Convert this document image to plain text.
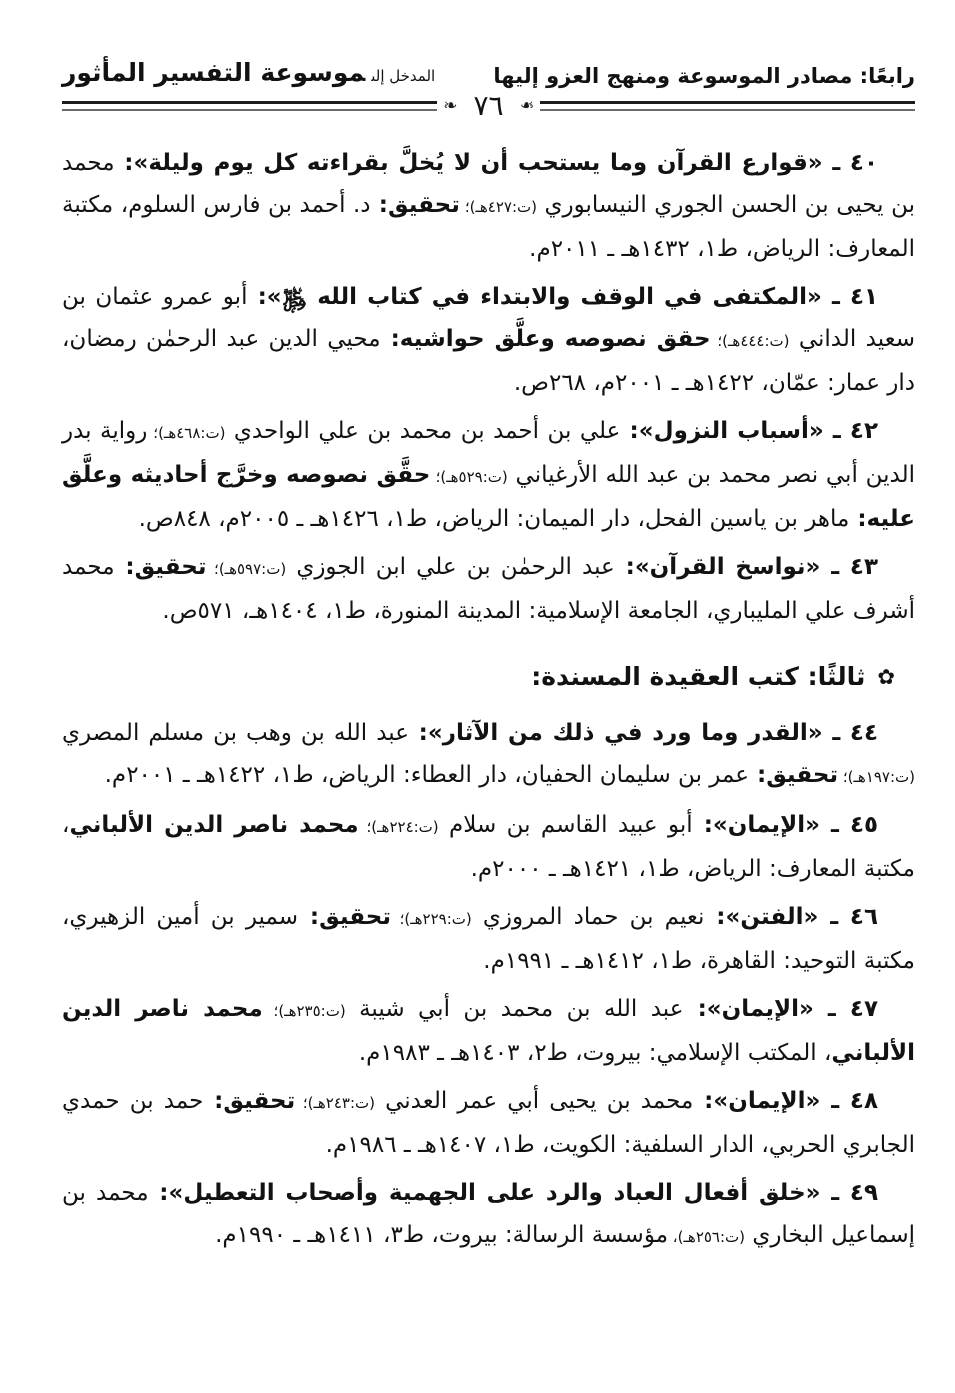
رابعًا: مصادر الموسوعة ومنهج العزو إليها
المدخل إلىموسوعة التفسير المأثور
❧ ٧٦ ❧

٤٠ ـ «قوارع القرآن وما يستحب أن لا يُخلَّ بقراءته كل يوم وليلة»: محمد بن يحيى بن الحسن الجوري النيسابوري (ت:٤٢٧هـ)؛ تحقيق: د. أحمد بن فارس السلوم، مكتبة المعارف: الرياض، ط١، ١٤٣٢هـ ـ ٢٠١١م.

٤١ ـ «المكتفى في الوقف والابتداء في كتاب الله ﷿»: أبو عمرو عثمان بن سعيد الداني (ت:٤٤٤هـ)؛ حقق نصوصه وعلَّق حواشيه: محيي الدين عبد الرحمٰن رمضان، دار عمار: عمّان، ١٤٢٢هـ ـ ٢٠٠١م، ٢٦٨ص.

٤٢ ـ «أسباب النزول»: علي بن أحمد بن محمد بن علي الواحدي (ت:٤٦٨هـ)؛ رواية بدر الدين أبي نصر محمد بن عبد الله الأرغياني (ت:٥٢٩هـ)؛ حقَّق نصوصه وخرَّج أحاديثه وعلَّق عليه: ماهر بن ياسين الفحل، دار الميمان: الرياض، ط١، ١٤٢٦هـ ـ ٢٠٠٥م، ٨٤٨ص.

٤٣ ـ «نواسخ القرآن»: عبد الرحمٰن بن علي ابن الجوزي (ت:٥٩٧هـ)؛ تحقيق: محمد أشرف علي المليباري، الجامعة الإسلامية: المدينة المنورة، ط١، ١٤٠٤هـ، ٥٧١ص.

✿ثالثًا: كتب العقيدة المسندة:

٤٤ ـ «القدر وما ورد في ذلك من الآثار»: عبد الله بن وهب بن مسلم المصري (ت:١٩٧هـ)؛ تحقيق: عمر بن سليمان الحفيان، دار العطاء: الرياض، ط١، ١٤٢٢هـ ـ ٢٠٠١م.

٤٥ ـ «الإيمان»: أبو عبيد القاسم بن سلام (ت:٢٢٤هـ)؛ محمد ناصر الدين الألباني، مكتبة المعارف: الرياض، ط١، ١٤٢١هـ ـ ٢٠٠٠م.

٤٦ ـ «الفتن»: نعيم بن حماد المروزي (ت:٢٢٩هـ)؛ تحقيق: سمير بن أمين الزهيري، مكتبة التوحيد: القاهرة، ط١، ١٤١٢هـ ـ ١٩٩١م.

٤٧ ـ «الإيمان»: عبد الله بن محمد بن أبي شيبة (ت:٢٣٥هـ)؛ محمد ناصر الدين الألباني، المكتب الإسلامي: بيروت، ط٢، ١٤٠٣هـ ـ ١٩٨٣م.

٤٨ ـ «الإيمان»: محمد بن يحيى أبي عمر العدني (ت:٢٤٣هـ)؛ تحقيق: حمد بن حمدي الجابري الحربي، الدار السلفية: الكويت، ط١، ١٤٠٧هـ ـ ١٩٨٦م.

٤٩ ـ «خلق أفعال العباد والرد على الجهمية وأصحاب التعطيل»: محمد بن إسماعيل البخاري (ت:٢٥٦هـ)، مؤسسة الرسالة: بيروت، ط٣، ١٤١١هـ ـ ١٩٩٠م.
